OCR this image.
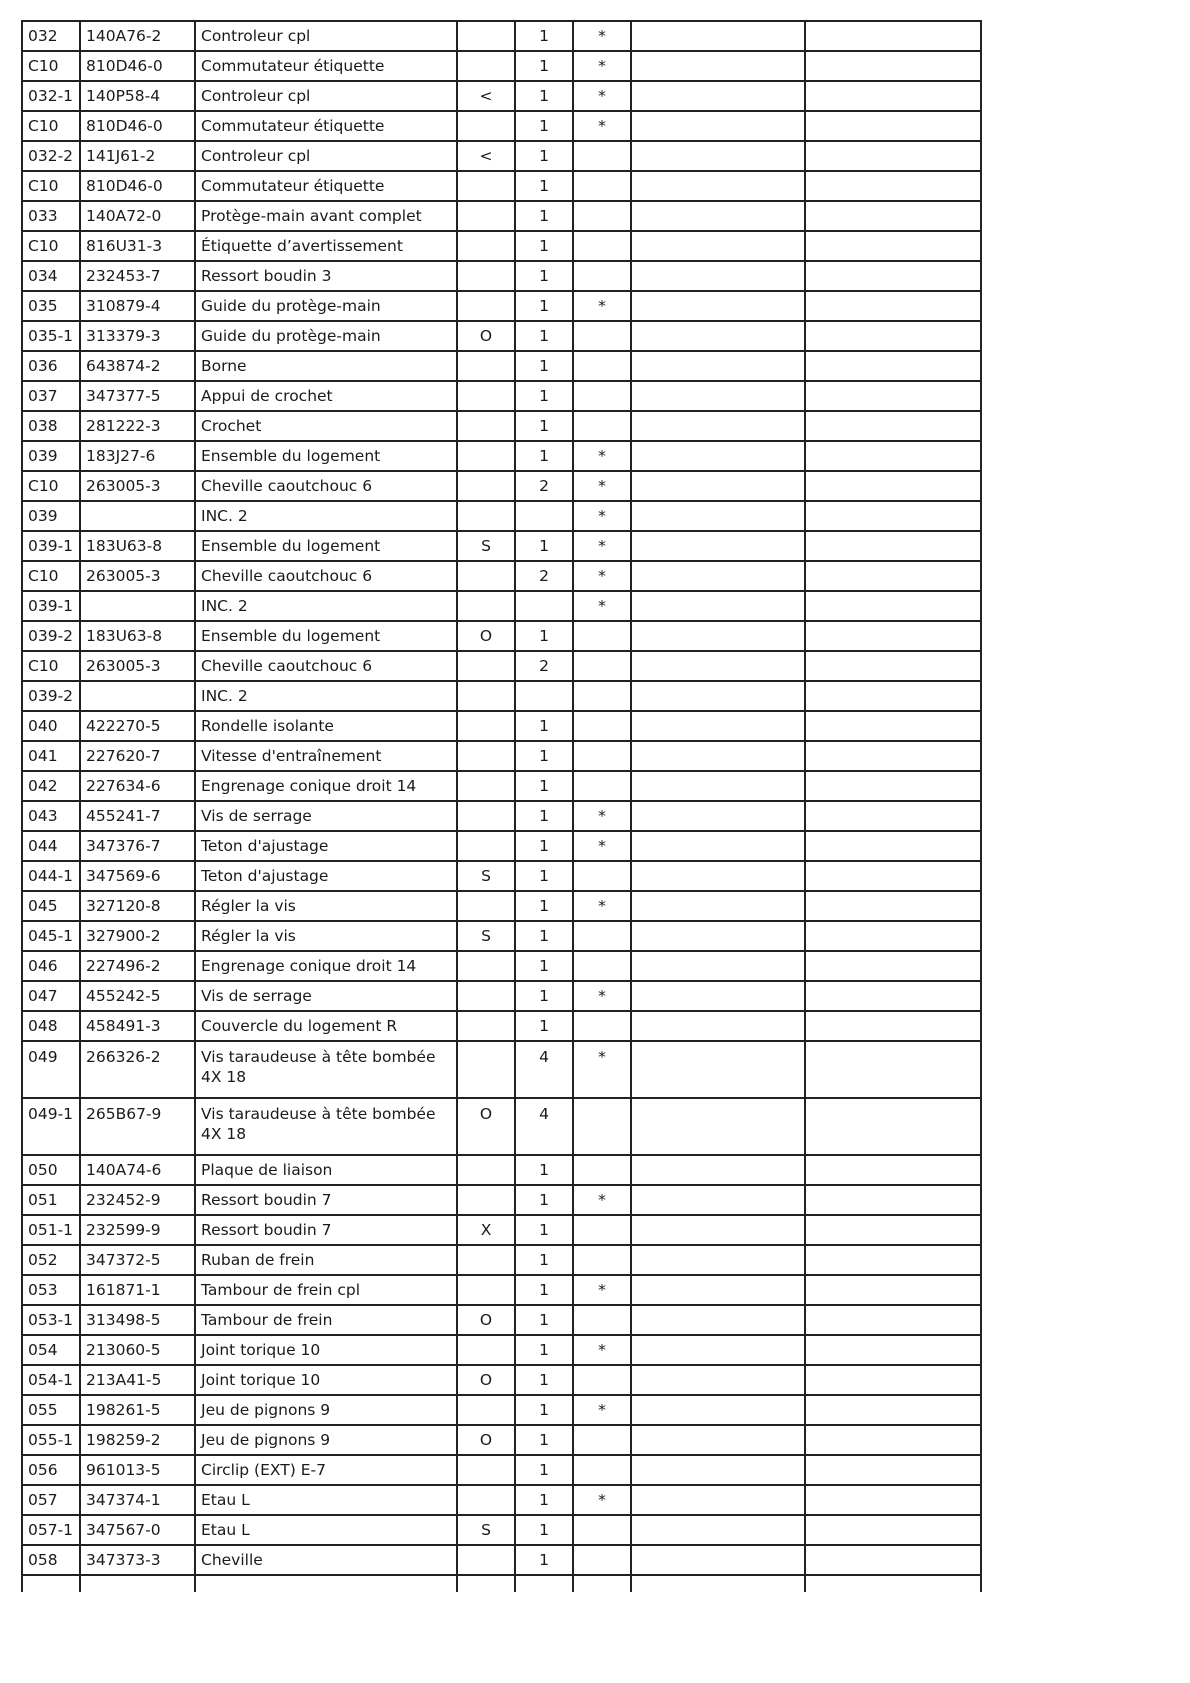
032	140A76-2	Controleur cpl		1	*		
C10	810D46-0	Commutateur étiquette		1	*		
032-1	140P58-4	Controleur cpl	<	1	*		
C10	810D46-0	Commutateur étiquette		1	*		
032-2	141J61-2	Controleur cpl	<	1			
C10	810D46-0	Commutateur étiquette		1			
033	140A72-0	Protège-main avant complet		1			
C10	816U31-3	Étiquette d’avertissement		1			
034	232453-7	Ressort boudin 3		1			
035	310879-4	Guide du protège-main		1	*		
035-1	313379-3	Guide du protège-main	O	1			
036	643874-2	Borne		1			
037	347377-5	Appui de crochet		1			
038	281222-3	Crochet		1			
039	183J27-6	Ensemble du logement		1	*		
C10	263005-3	Cheville caoutchouc 6		2	*		
039		INC. 2			*		
039-1	183U63-8	Ensemble du logement	S	1	*		
C10	263005-3	Cheville caoutchouc 6		2	*		
039-1		INC. 2			*		
039-2	183U63-8	Ensemble du logement	O	1			
C10	263005-3	Cheville caoutchouc 6		2			
039-2		INC. 2					
040	422270-5	Rondelle isolante		1			
041	227620-7	Vitesse d'entraînement		1			
042	227634-6	Engrenage conique droit 14		1			
043	455241-7	Vis de serrage		1	*		
044	347376-7	Teton d'ajustage		1	*		
044-1	347569-6	Teton d'ajustage	S	1			
045	327120-8	Régler la vis		1	*		
045-1	327900-2	Régler la vis	S	1			
046	227496-2	Engrenage conique droit 14		1			
047	455242-5	Vis de serrage		1	*		
048	458491-3	Couvercle du logement R		1			
049	266326-2	Vis taraudeuse à tête bombée 4X 18		4	*		
049-1	265B67-9	Vis taraudeuse à tête bombée 4X 18	O	4			
050	140A74-6	Plaque de liaison		1			
051	232452-9	Ressort boudin 7		1	*		
051-1	232599-9	Ressort boudin 7	X	1			
052	347372-5	Ruban de frein		1			
053	161871-1	Tambour de frein cpl		1	*		
053-1	313498-5	Tambour de frein	O	1			
054	213060-5	Joint torique 10		1	*		
054-1	213A41-5	Joint torique 10	O	1			
055	198261-5	Jeu de pignons 9		1	*		
055-1	198259-2	Jeu de pignons 9	O	1			
056	961013-5	Circlip (EXT) E-7		1			
057	347374-1	Etau L		1	*		
057-1	347567-0	Etau L	S	1			
058	347373-3	Cheville		1			
